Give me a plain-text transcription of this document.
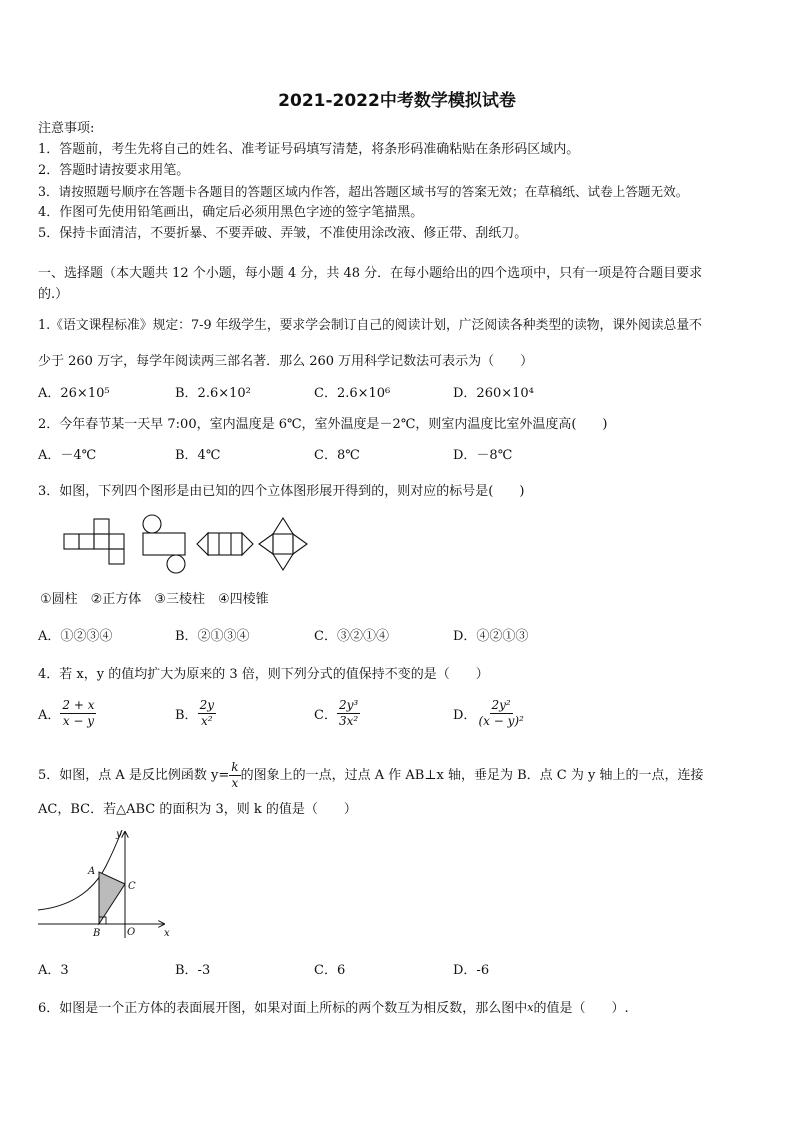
2021-2022中考数学模拟试卷
注意事项:
1．答题前，考生先将自己的姓名、准考证号码填写清楚，将条形码准确粘贴在条形码区域内。
2．答题时请按要求用笔。
3．请按照题号顺序在答题卡各题目的答题区域内作答，超出答题区域书写的答案无效；在草稿纸、试卷上答题无效。
4．作图可先使用铅笔画出，确定后必须用黑色字迹的签字笔描黑。
5．保持卡面清洁，不要折暴、不要弄破、弄皱，不准使用涂改液、修正带、刮纸刀。
一、选择题（本大题共 12 个小题，每小题 4 分，共 48 分．在每小题给出的四个选项中，只有一项是符合题目要求
的.）
1.《语文课程标准》规定：7-9 年级学生，要求学会制订自己的阅读计划，广泛阅读各种类型的读物，课外阅读总量不
少于 260 万字，每学年阅读两三部名著．那么 260 万用科学记数法可表示为（　　）
A．26×10⁵	B．2.6×10²	C．2.6×10⁶	D．260×10⁴
2．今年春节某一天早 7:00，室内温度是 6℃，室外温度是－2℃，则室内温度比室外温度高(　　)
A．－4℃	B．4℃	C．8℃	D．－8℃
3．如图，下列四个图形是由已知的四个立体图形展开得到的，则对应的标号是(　　)
①圆柱　②正方体　③三棱柱　④四棱锥
A．①②③④	B．②①③④	C．③②①④	D．④②①③
4．若 x，y 的值均扩大为原来的 3 倍，则下列分式的值保持不变的是（　　）
A． $\frac{2 + x}{x - y}$	B． $\frac{2y}{\text{x²}}$	C． $\frac{\text{2y³}}{\text{3x²}}$	D． $\frac{\text{2y²}}{\text{(x − y)²}}$
5．如图，点 A 是反比例函数 $y= \frac{k}{x}$ 的图象上的一点，过点 A 作 AB⊥x 轴，垂足为 B．点 C 为 y 轴上的一点，连接
AC，BC．若△ABC 的面积为 3，则 k 的值是（　　）
y
x
A
B
C
O
A．3	B．-3	C．6	D．-6
6．如图是一个正方体的表面展开图，如果对面上所标的两个数互为相反数，那么图中x的值是（　　）.
